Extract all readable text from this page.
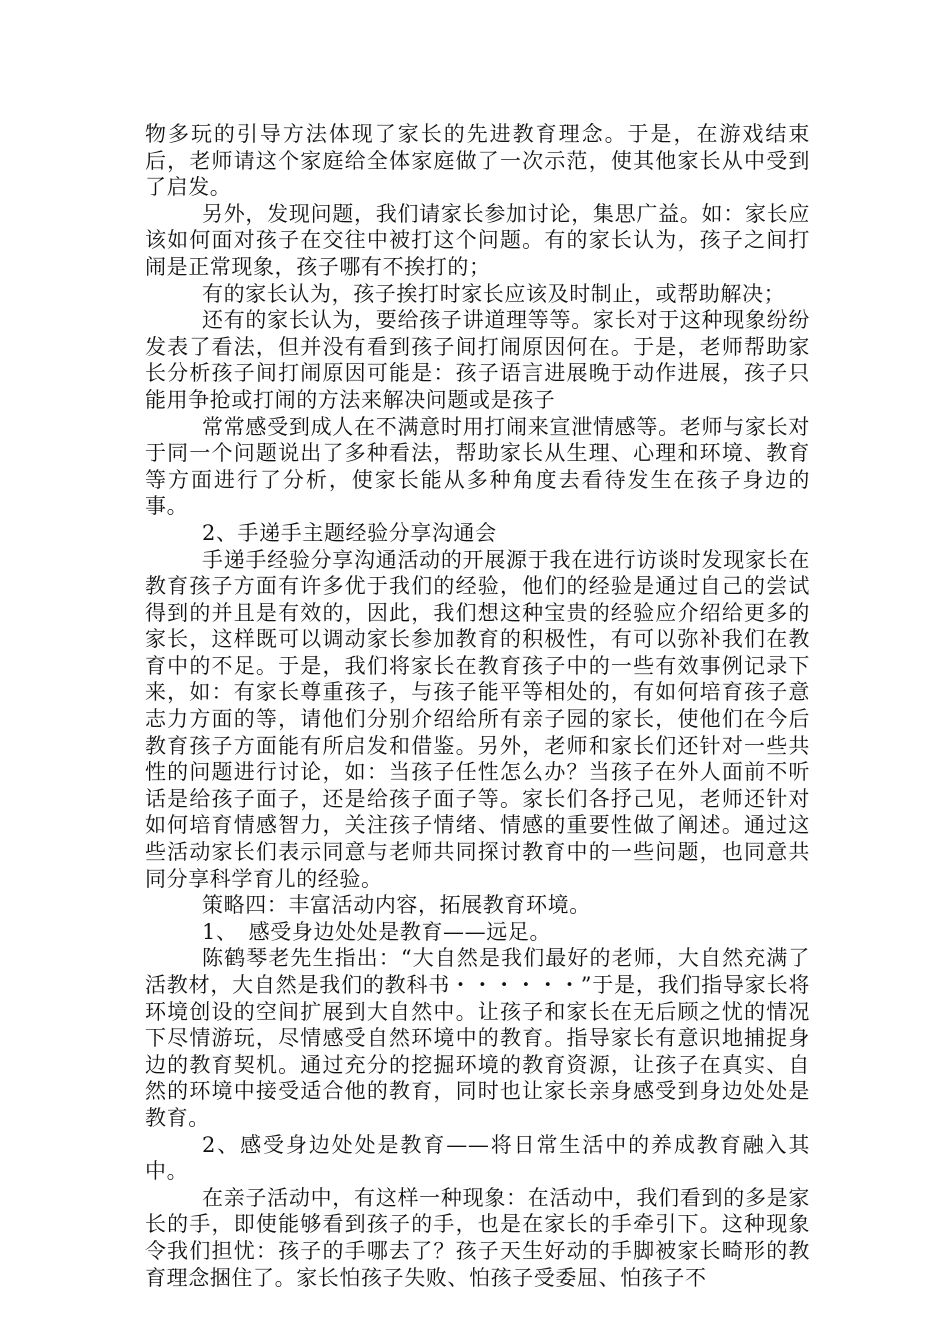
物多玩的引导方法体现了家长的先进教育理念。于是，在游戏结束后，老师请这个家庭给全体家庭做了一次示范，使其他家长从中受到了启发。

另外，发现问题，我们请家长参加讨论，集思广益。如：家长应该如何面对孩子在交往中被打这个问题。有的家长认为，孩子之间打闹是正常现象，孩子哪有不挨打的；

有的家长认为，孩子挨打时家长应该及时制止，或帮助解决；

还有的家长认为，要给孩子讲道理等等。家长对于这种现象纷纷发表了看法，但并没有看到孩子间打闹原因何在。于是，老师帮助家长分析孩子间打闹原因可能是：孩子语言进展晚于动作进展，孩子只能用争抢或打闹的方法来解决问题或是孩子

常常感受到成人在不满意时用打闹来宣泄情感等。老师与家长对于同一个问题说出了多种看法，帮助家长从生理、心理和环境、教育等方面进行了分析，使家长能从多种角度去看待发生在孩子身边的事。

2、手递手主题经验分享沟通会

手递手经验分享沟通活动的开展源于我在进行访谈时发现家长在教育孩子方面有许多优于我们的经验，他们的经验是通过自己的尝试得到的并且是有效的，因此，我们想这种宝贵的经验应介绍给更多的家长，这样既可以调动家长参加教育的积极性，有可以弥补我们在教育中的不足。于是，我们将家长在教育孩子中的一些有效事例记录下来，如：有家长尊重孩子，与孩子能平等相处的，有如何培育孩子意志力方面的等，请他们分别介绍给所有亲子园的家长，使他们在今后教育孩子方面能有所启发和借鉴。另外，老师和家长们还针对一些共性的问题进行讨论，如：当孩子任性怎么办？当孩子在外人面前不听话是给孩子面子，还是给孩子面子等。家长们各抒己见，老师还针对如何培育情感智力，关注孩子情绪、情感的重要性做了阐述。通过这些活动家长们表示同意与老师共同探讨教育中的一些问题，也同意共同分享科学育儿的经验。

策略四：丰富活动内容，拓展教育环境。

1、　感受身边处处是教育——远足。

陈鹤琴老先生指出：“大自然是我们最好的老师，大自然充满了活教材，大自然是我们的教科书・・・・・・”于是，我们指导家长将环境创设的空间扩展到大自然中。让孩子和家长在无后顾之忧的情况下尽情游玩，尽情感受自然环境中的教育。指导家长有意识地捕捉身边的教育契机。通过充分的挖掘环境的教育资源，让孩子在真实、自然的环境中接受适合他的教育，同时也让家长亲身感受到身边处处是教育。

2、感受身边处处是教育——将日常生活中的养成教育融入其中。

在亲子活动中，有这样一种现象：在活动中，我们看到的多是家长的手，即使能够看到孩子的手，也是在家长的手牵引下。这种现象令我们担忧：孩子的手哪去了？孩子天生好动的手脚被家长畸形的教育理念捆住了。家长怕孩子失败、怕孩子受委屈、怕孩子不
